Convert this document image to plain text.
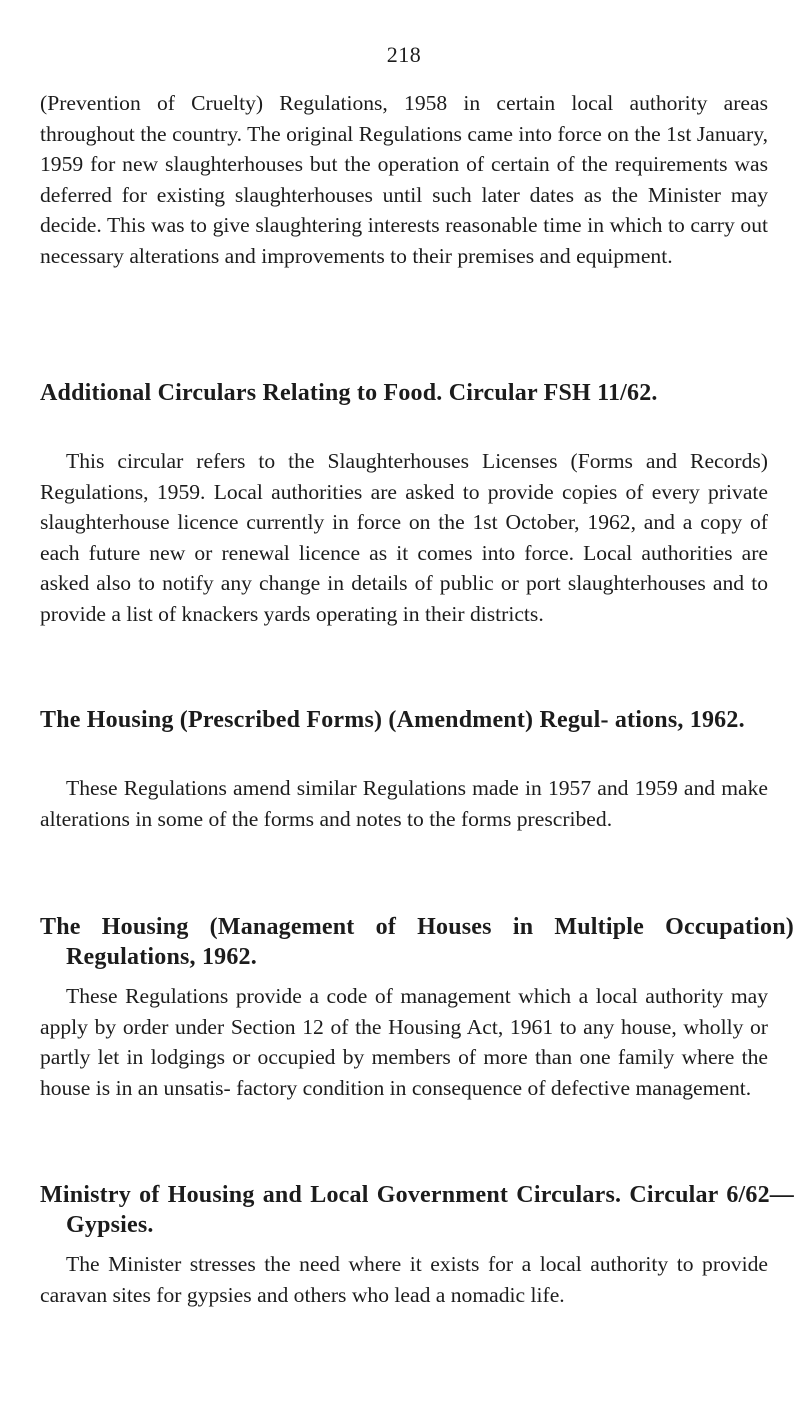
218

(Prevention of Cruelty) Regulations, 1958 in certain local authority areas throughout the country. The original Regulations came into force on the 1st January, 1959 for new slaughterhouses but the operation of certain of the requirements was deferred for existing slaughterhouses until such later dates as the Minister may decide. This was to give slaughtering interests reasonable time in which to carry out necessary alterations and improvements to their premises and equipment.

Additional Circulars Relating to Food. Circular FSH 11/62.

This circular refers to the Slaughterhouses Licenses (Forms and Records) Regulations, 1959. Local authorities are asked to provide copies of every private slaughterhouse licence currently in force on the 1st October, 1962, and a copy of each future new or renewal licence as it comes into force. Local authorities are asked also to notify any change in details of public or port slaughterhouses and to provide a list of knackers yards operating in their districts.

The Housing (Prescribed Forms) (Amendment) Regul- ations, 1962.

These Regulations amend similar Regulations made in 1957 and 1959 and make alterations in some of the forms and notes to the forms prescribed.

The Housing (Management of Houses in Multiple Occupation) Regulations, 1962.

These Regulations provide a code of management which a local authority may apply by order under Section 12 of the Housing Act, 1961 to any house, wholly or partly let in lodgings or occupied by members of more than one family where the house is in an unsatis- factory condition in consequence of defective management.

Ministry of Housing and Local Government Circulars. Circular 6/62—Gypsies.

The Minister stresses the need where it exists for a local authority to provide caravan sites for gypsies and others who lead a nomadic life.
